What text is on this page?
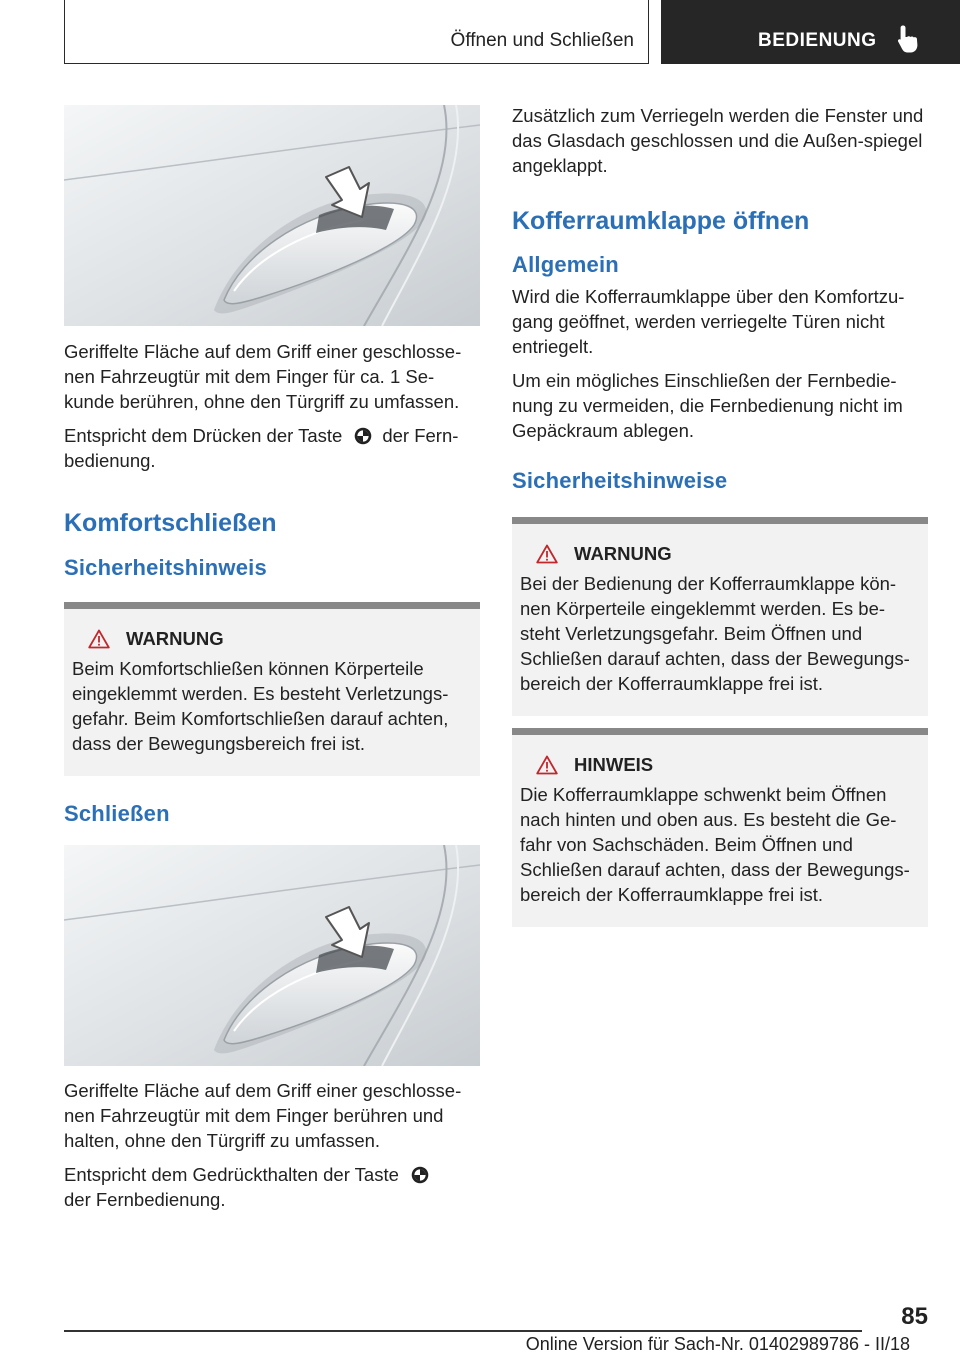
Öffnen und Schließen	BEDIENUNG

Geriffelte Fläche auf dem Griff einer geschlosse-nen Fahrzeugtür mit dem Finger für ca. 1 Se-kunde berühren, ohne den Türgriff zu umfassen.

Entspricht dem Drücken der Taste der Fern-bedienung.

Komfortschließen
Sicherheitshinweis
WARNUNG

Beim Komfortschließen können Körperteile eingeklemmt werden. Es besteht Verletzungs-gefahr. Beim Komfortschließen darauf achten, dass der Bewegungsbereich frei ist.

Schließen

Geriffelte Fläche auf dem Griff einer geschlosse-nen Fahrzeugtür mit dem Finger berühren und halten, ohne den Türgriff zu umfassen.

Entspricht dem Gedrückthalten der Taste
der Fernbedienung.

Zusätzlich zum Verriegeln werden die Fenster und das Glasdach geschlossen und die Außen-spiegel angeklappt.

Kofferraumklappe öffnen
Allgemein

Wird die Kofferraumklappe über den Komfortzu-gang geöffnet, werden verriegelte Türen nicht entriegelt.

Um ein mögliches Einschließen der Fernbedie-nung zu vermeiden, die Fernbedienung nicht im Gepäckraum ablegen.

Sicherheitshinweise
WARNUNG

Bei der Bedienung der Kofferraumklappe kön-nen Körperteile eingeklemmt werden. Es be-steht Verletzungsgefahr. Beim Öffnen und Schließen darauf achten, dass der Bewegungs-bereich der Kofferraumklappe frei ist.

HINWEIS

Die Kofferraumklappe schwenkt beim Öffnen nach hinten und oben aus. Es besteht die Ge-fahr von Sachschäden. Beim Öffnen und Schließen darauf achten, dass der Bewegungs-bereich der Kofferraumklappe frei ist.

85
Online Version für Sach-Nr. 01402989786 - II/18
